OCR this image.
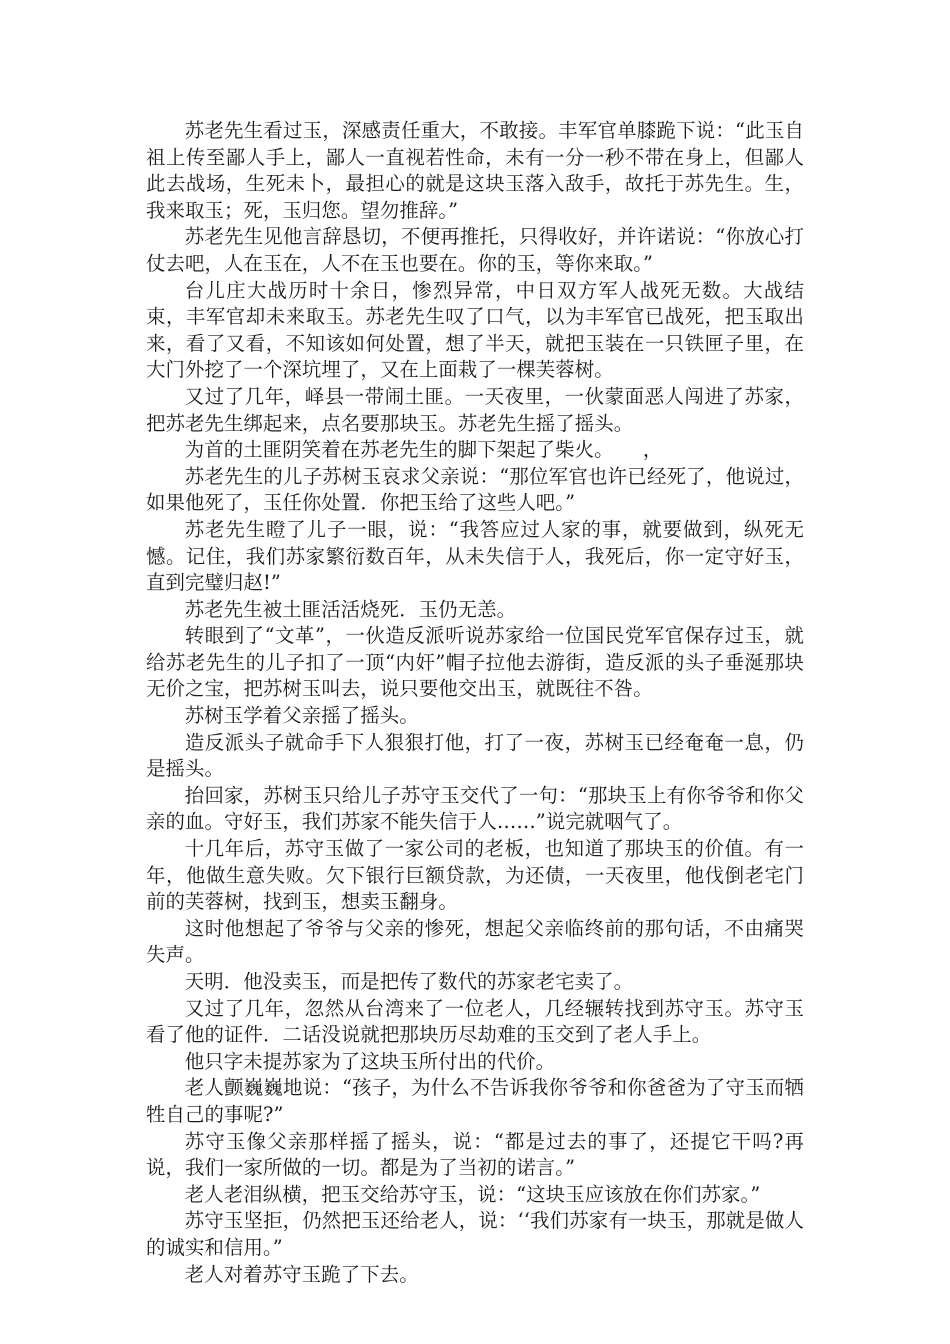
苏老先生看过玉，深感责任重大，不敢接。丰军官单膝跪下说：“此玉自祖上传至鄙人手上，鄙人一直视若性命，未有一分一秒不带在身上，但鄙人此去战场，生死未卜，最担心的就是这块玉落入敌手，故托于苏先生。生，我来取玉；死，玉归您。望勿推辞。”

苏老先生见他言辞恳切，不便再推托，只得收好，并许诺说：“你放心打仗去吧，人在玉在，人不在玉也要在。你的玉，等你来取。”

台儿庄大战历时十余日，惨烈异常，中日双方军人战死无数。大战结束，丰军官却未来取玉。苏老先生叹了口气，以为丰军官已战死，把玉取出来，看了又看，不知该如何处置，想了半天，就把玉装在一只铁匣子里，在大门外挖了一个深坑埋了，又在上面栽了一棵芙蓉树。

又过了几年，峄县一带闹土匪。一天夜里，一伙蒙面恶人闯进了苏家，把苏老先生绑起来，点名要那块玉。苏老先生摇了摇头。

为首的土匪阴笑着在苏老先生的脚下架起了柴火。　　，

苏老先生的儿子苏树玉哀求父亲说：“那位军官也许已经死了，他说过，如果他死了，玉任你处置．你把玉给了这些人吧。”

苏老先生瞪了儿子一眼，说：“我答应过人家的事，就要做到，纵死无憾。记住，我们苏家繁衍数百年，从未失信于人，我死后，你一定守好玉，直到完璧归赵!”

苏老先生被土匪活活烧死．玉仍无恙。

转眼到了“文革”，一伙造反派听说苏家给一位国民党军官保存过玉，就给苏老先生的儿子扣了一顶“内奸”帽子拉他去游街，造反派的头子垂涎那块无价之宝，把苏树玉叫去，说只要他交出玉，就既往不咎。

苏树玉学着父亲摇了摇头。

造反派头子就命手下人狠狠打他，打了一夜，苏树玉已经奄奄一息，仍是摇头。

抬回家，苏树玉只给儿子苏守玉交代了一句：“那块玉上有你爷爷和你父亲的血。守好玉，我们苏家不能失信于人……”说完就咽气了。

十几年后，苏守玉做了一家公司的老板，也知道了那块玉的价值。有一年，他做生意失败。欠下银行巨额贷款，为还债，一天夜里，他伐倒老宅门前的芙蓉树，找到玉，想卖玉翻身。

这时他想起了爷爷与父亲的惨死，想起父亲临终前的那句话，不由痛哭失声。

天明．他没卖玉，而是把传了数代的苏家老宅卖了。

又过了几年，忽然从台湾来了一位老人，几经辗转找到苏守玉。苏守玉看了他的证件．二话没说就把那块历尽劫难的玉交到了老人手上。

他只字未提苏家为了这块玉所付出的代价。

老人颤巍巍地说：“孩子，为什么不告诉我你爷爷和你爸爸为了守玉而牺牲自己的事呢?”

苏守玉像父亲那样摇了摇头，说：“都是过去的事了，还提它干吗?再说，我们一家所做的一切。都是为了当初的诺言。”

老人老泪纵横，把玉交给苏守玉，说：“这块玉应该放在你们苏家。”

苏守玉坚拒，仍然把玉还给老人，说：‘‘我们苏家有一块玉，那就是做人的诚实和信用。”

老人对着苏守玉跪了下去。
